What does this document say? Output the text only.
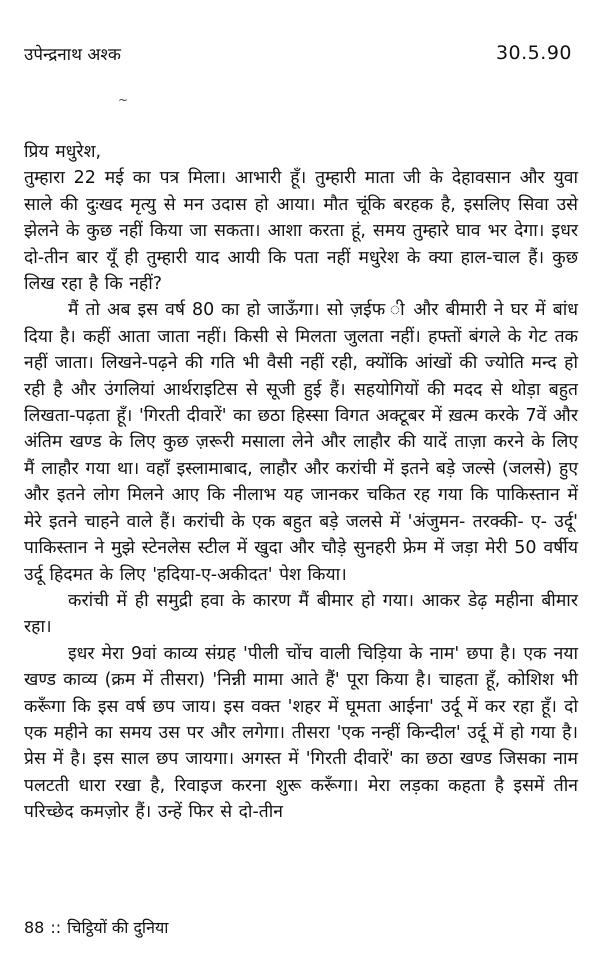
उपेन्द्रनाथ अश्क	30.5.90
~

प्रिय मधुरेश,

तुम्हारा 22 मई का पत्र मिला। आभारी हूँ। तुम्हारी माता जी के देहावसान और युवा साले की दुःखद मृत्यु से मन उदास हो आया। मौत चूंकि बरहक है, इसलिए सिवा उसे झेलने के कुछ नहीं किया जा सकता। आशा करता हूं, समय तुम्हारे घाव भर देगा। इधर दो-तीन बार यूँ ही तुम्हारी याद आयी कि पता नहीं मधुरेश के क्या हाल-चाल हैं। कुछ लिख रहा है कि नहीं?

मैं तो अब इस वर्ष 80 का हो जाऊँगा। सो ज़ईफ ी और बीमारी ने घर में बांध दिया है। कहीं आता जाता नहीं। किसी से मिलता जुलता नहीं। हफ्तों बंगले के गेट तक नहीं जाता। लिखने-पढ़ने की गति भी वैसी नहीं रही, क्योंकि आंखों की ज्योति मन्द हो रही है और उंगलियां आर्थराइटिस से सूजी हुई हैं। सहयोगियों की मदद से थोड़ा बहुत लिखता-पढ़ता हूँ। 'गिरती दीवारें' का छठा हिस्सा विगत अक्टूबर में ख़त्म करके 7वें और अंतिम खण्ड के लिए कुछ ज़रूरी मसाला लेने और लाहौर की यादें ताज़ा करने के लिए मैं लाहौर गया था। वहाँ इस्लामाबाद, लाहौर और करांची में इतने बड़े जल्से (जलसे) हुए और इतने लोग मिलने आए कि नीलाभ यह जानकर चकित रह गया कि पाकिस्तान में मेरे इतने चाहने वाले हैं। करांची के एक बहुत बड़े जलसे में 'अंजुमन- तरक्की- ए- उर्दू' पाकिस्तान ने मुझे स्टेनलेस स्टील में खुदा और चौड़े सुनहरी फ्रेम में जड़ा मेरी 50 वर्षीय उर्दू हिदमत के लिए 'हदिया-ए-अकीदत' पेश किया।

करांची में ही समुद्री हवा के कारण मैं बीमार हो गया। आकर डेढ़ महीना बीमार रहा।

इधर मेरा 9वां काव्य संग्रह 'पीली चोंच वाली चिड़िया के नाम' छपा है। एक नया खण्ड काव्य (क्रम में तीसरा) 'निन्नी मामा आते हैं' पूरा किया है। चाहता हूँ, कोशिश भी करूँगा कि इस वर्ष छप जाय। इस वक्त 'शहर में घूमता आईना' उर्दू में कर रहा हूँ। दो एक महीने का समय उस पर और लगेगा। तीसरा 'एक नन्हीं किन्दील' उर्दू में हो गया है। प्रेस में है। इस साल छप जायगा। अगस्त में 'गिरती दीवारें' का छठा खण्ड जिसका नाम पलटती धारा रखा है, रिवाइज करना शुरू करूँगा। मेरा लड़का कहता है इसमें तीन परिच्छेद कमज़ोर हैं। उन्हें फिर से दो-तीन

88 :: चिट्ठियों की दुनिया
